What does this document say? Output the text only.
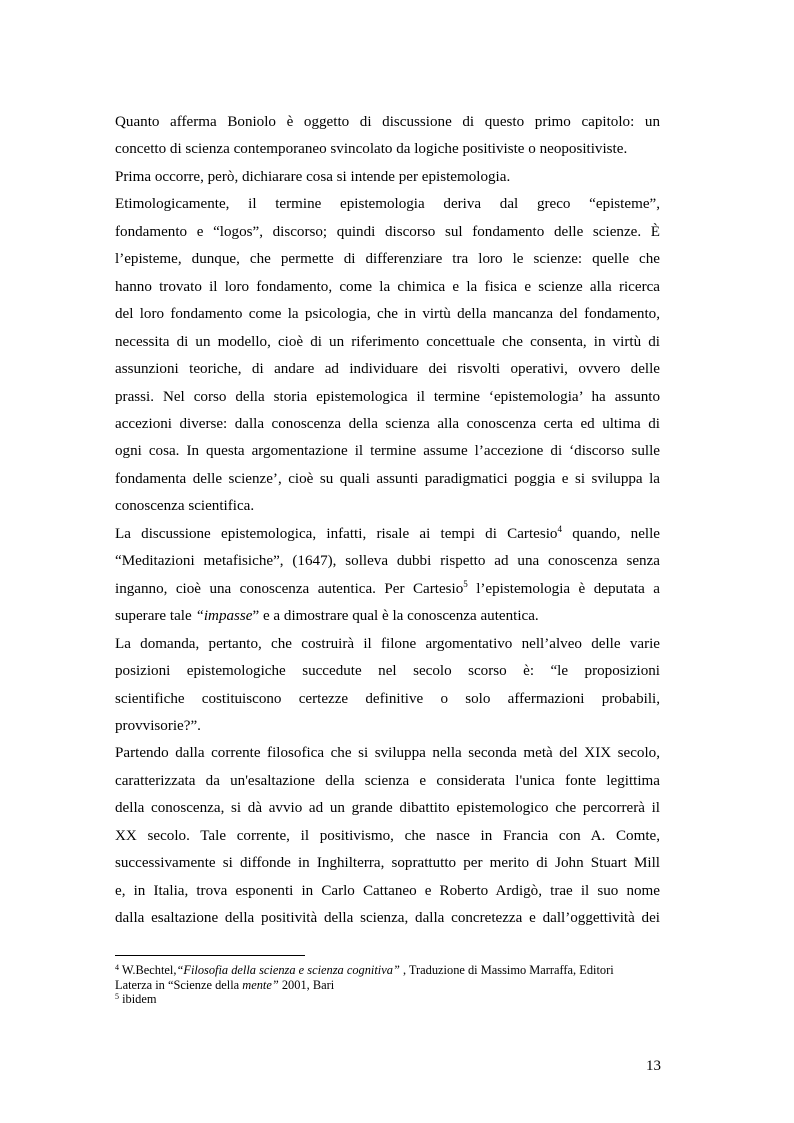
Quanto afferma Boniolo è oggetto di discussione di questo primo capitolo: un

concetto di scienza contemporaneo svincolato da logiche positiviste o neopositiviste.

Prima occorre, però, dichiarare cosa si intende per epistemologia.

Etimologicamente, il termine epistemologia deriva dal greco “episteme”,

fondamento e “logos”, discorso; quindi discorso sul fondamento delle scienze. È

l’episteme, dunque, che permette di differenziare tra loro le scienze: quelle che

hanno trovato il loro fondamento, come la chimica e la fisica e scienze alla ricerca

del loro fondamento come la psicologia, che in virtù della mancanza del fondamento,

necessita di un modello, cioè di un riferimento concettuale che consenta, in virtù di

assunzioni teoriche, di andare ad individuare dei risvolti operativi, ovvero delle

prassi. Nel corso della storia epistemologica il termine ‘epistemologia’ ha assunto

accezioni diverse: dalla conoscenza della scienza alla conoscenza certa ed ultima di

ogni cosa. In questa argomentazione il termine assume l’accezione di ‘discorso sulle

fondamenta delle scienze’, cioè su quali assunti paradigmatici poggia e si sviluppa la

conoscenza scientifica.

La discussione epistemologica, infatti, risale ai tempi di Cartesio$^4$ quando, nelle

“Meditazioni metafisiche”, (1647), solleva dubbi rispetto ad una conoscenza senza

inganno, cioè una conoscenza autentica. Per Cartesio$^5$ l’epistemologia è deputata a

superare tale “impasse” e a dimostrare qual è la conoscenza autentica.

La domanda, pertanto, che costruirà il filone argomentativo nell’alveo delle varie

posizioni epistemologiche succedute nel secolo scorso è: “le proposizioni

scientifiche costituiscono certezze definitive o solo affermazioni probabili,

provvisorie?”.

Partendo dalla corrente filosofica che si sviluppa nella seconda metà del XIX secolo,

caratterizzata da un'esaltazione della scienza e considerata l'unica fonte legittima

della conoscenza, si dà avvio ad un grande dibattito epistemologico che percorrerà il

XX secolo. Tale corrente, il positivismo, che nasce in Francia con A. Comte,

successivamente si diffonde in Inghilterra, soprattutto per merito di John Stuart Mill

e, in Italia, trova esponenti in Carlo Cattaneo e Roberto Ardigò, trae il suo nome

dalla esaltazione della positività della scienza, dalla concretezza e dall’oggettività dei

$^4$ W.Bechtel,“Filosofia della scienza e scienza cognitiva” , Traduzione di Massimo Marraffa, Editori

Laterza in “Scienze della mente” 2001, Bari

$^5$ ibidem

13
